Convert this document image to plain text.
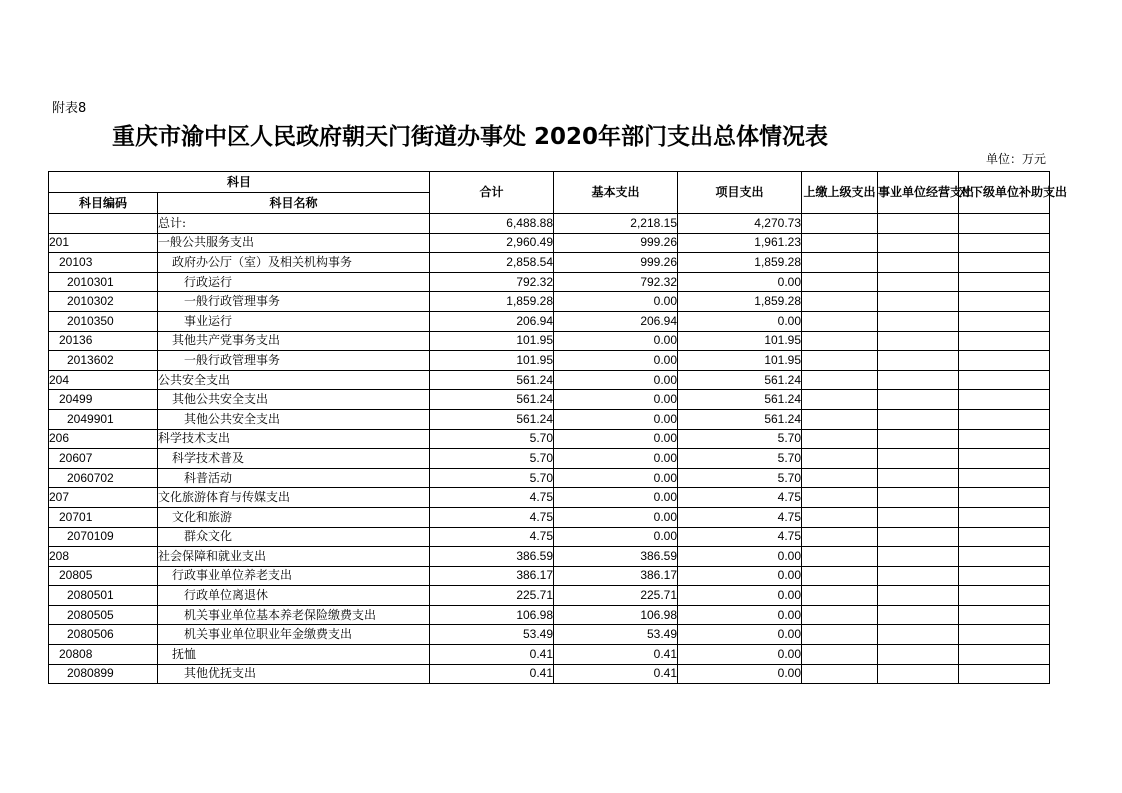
附表8
重庆市渝中区人民政府朝天门街道办事处 2020年部门支出总体情况表
单位：万元
科目		合计	基本支出	项目支出	上缴上级支出	事业单位经营支出	对下级单位补助支出
科目编码	科目名称						
	总计:	6,488.88	2,218.15	4,270.73			
201	一般公共服务支出	2,960.49	999.26	1,961.23			
20103	政府办公厅（室）及相关机构事务	2,858.54	999.26	1,859.28			
2010301	行政运行	792.32	792.32	0.00			
2010302	一般行政管理事务	1,859.28	0.00	1,859.28			
2010350	事业运行	206.94	206.94	0.00			
20136	其他共产党事务支出	101.95	0.00	101.95			
2013602	一般行政管理事务	101.95	0.00	101.95			
204	公共安全支出	561.24	0.00	561.24			
20499	其他公共安全支出	561.24	0.00	561.24			
2049901	其他公共安全支出	561.24	0.00	561.24			
206	科学技术支出	5.70	0.00	5.70			
20607	科学技术普及	5.70	0.00	5.70			
2060702	科普活动	5.70	0.00	5.70			
207	文化旅游体育与传媒支出	4.75	0.00	4.75			
20701	文化和旅游	4.75	0.00	4.75			
2070109	群众文化	4.75	0.00	4.75			
208	社会保障和就业支出	386.59	386.59	0.00			
20805	行政事业单位养老支出	386.17	386.17	0.00			
2080501	行政单位离退休	225.71	225.71	0.00			
2080505	机关事业单位基本养老保险缴费支出	106.98	106.98	0.00			
2080506	机关事业单位职业年金缴费支出	53.49	53.49	0.00			
20808	抚恤	0.41	0.41	0.00			
2080899	其他优抚支出	0.41	0.41	0.00			
